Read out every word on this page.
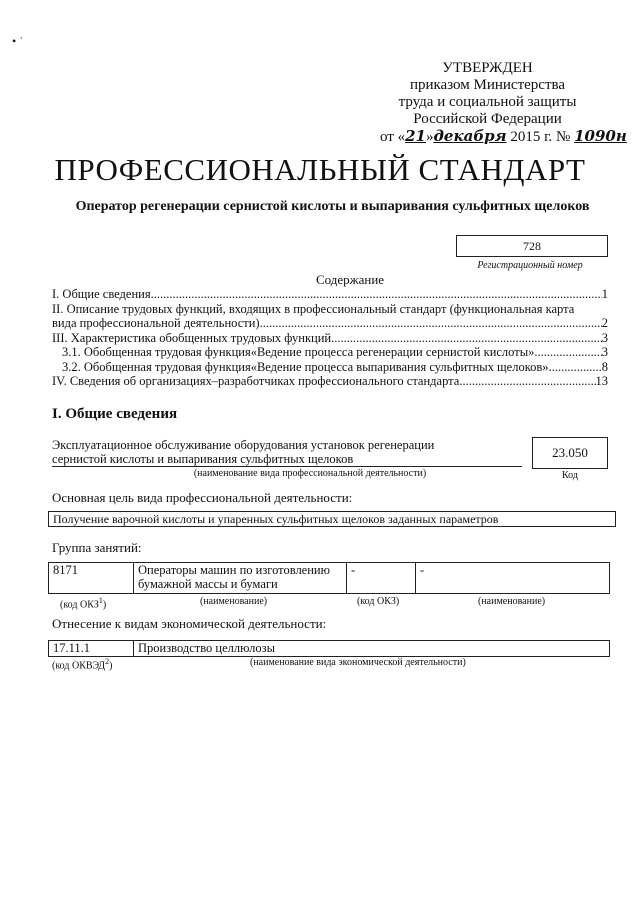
• ˙
УТВЕРЖДЕН
приказом Министерства
труда и социальной защиты
Российской Федерации
от «21»декабря 2015 г. № 1090н
ПРОФЕССИОНАЛЬНЫЙ СТАНДАРТ
Оператор регенерации сернистой кислоты и выпаривания сульфитных щелоков
728
Регистрационный номер
Содержание
I. Общие сведения .....	1
II. Описание трудовых функций, входящих в профессиональный стандарт (функциональная карта
вида профессиональной деятельности) .....	2
III. Характеристика обобщенных трудовых функций .....	3
3.1. Обобщенная трудовая функция«Ведение процесса регенерации сернистой кислоты» .....	3
3.2. Обобщенная трудовая функция«Ведение процесса выпаривания сульфитных щелоков» .....	8
IV. Сведения об организациях–разработчиках профессионального стандарта .....	13
I. Общие сведения
Эксплуатационное обслуживание оборудования установок регенерации сернистой кислоты и выпаривания сульфитных щелоков
(наименование вида профессиональной деятельности)
23.050
Код
Основная цель вида профессиональной деятельности:
Получение варочной кислоты и упаренных сульфитных щелоков заданных параметров
Группа занятий:
8171	Операторы машин по изготовлению бумажной массы и бумаги	-	-
(код ОКЗ$^1$)	(наименование)	(код ОКЗ)	(наименование)
Отнесение к видам экономической деятельности:
17.11.1	Производство целлюлозы
(код ОКВЭД$^2$)	(наименование вида экономической деятельности)
